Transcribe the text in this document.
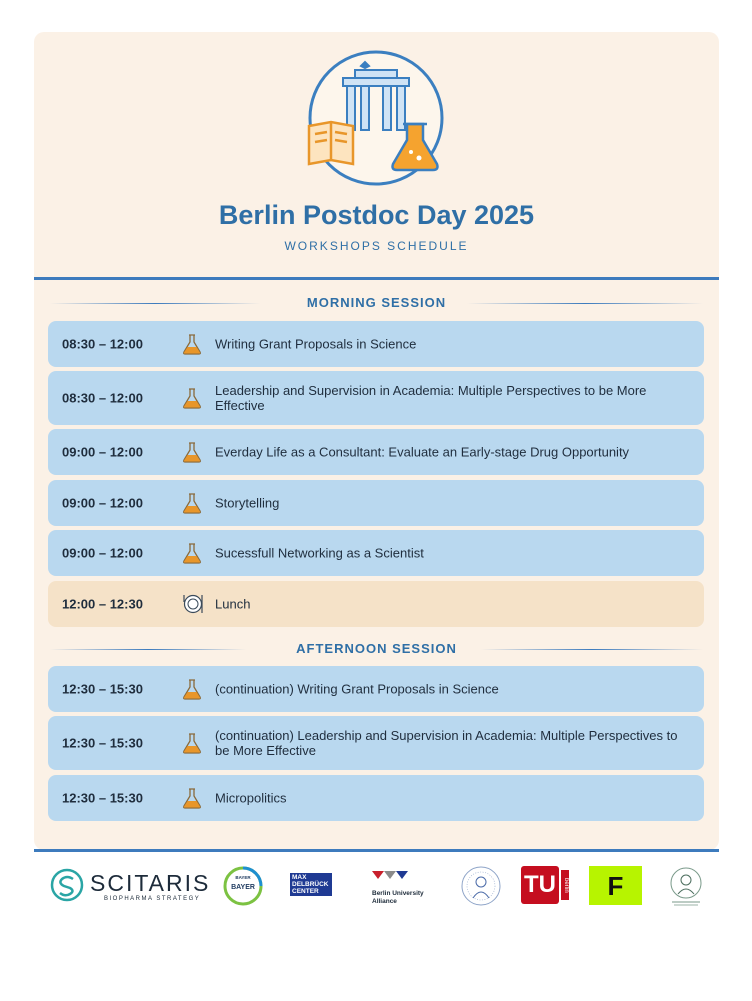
Berlin Postdoc Day 2025
WORKSHOPS SCHEDULE
MORNING SESSION
AFTERNOON SESSION
SCITARIS
BIOPHARMA STRATEGY
BAYER
BAYER	MAX
DELBRÜCK
CENTER	Berlin University
Alliance
TU	berlin	F
08:30 – 12:00	Writing Grant Proposals in Science
08:30 – 12:00	Leadership and Supervision in Academia: Multiple Perspectives to be More Effective
09:00 – 12:00	Everday Life as a Consultant: Evaluate an Early-stage Drug Opportunity
09:00 – 12:00	Storytelling
09:00 – 12:00	Sucessfull Networking as a Scientist
12:00 – 12:30	Lunch
12:30 – 15:30	(continuation) Writing Grant Proposals in Science
12:30 – 15:30	(continuation) Leadership and Supervision in Academia: Multiple Perspectives to be More Effective
12:30 – 15:30	Micropolitics
